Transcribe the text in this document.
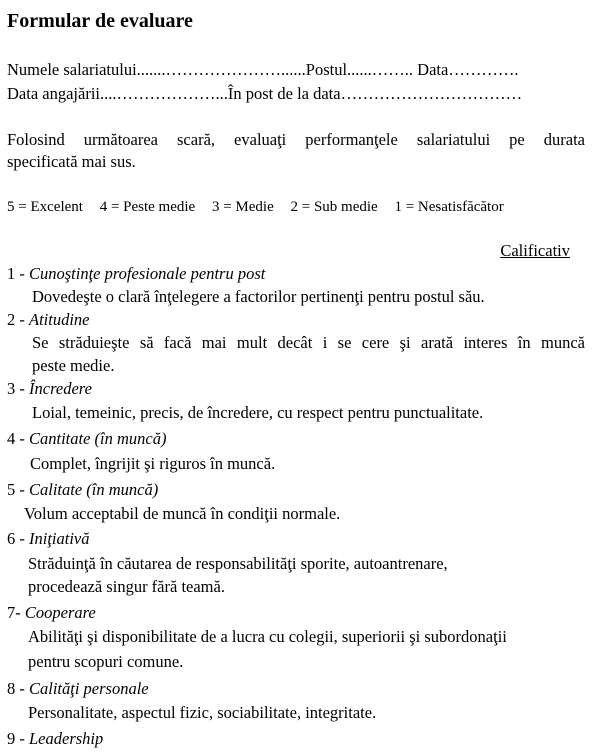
Formular de evaluare
Numele salariatului.......…………………......Postul......…….. Data………….
Data angajării....………………...În post de la data……………………………
Folosind următoarea scară, evaluaţi performanţele salariatului pe durata
specificată mai sus.
5 = Excelent 4 = Peste medie 3 = Medie 2 = Sub medie 1 = Nesatisfăcător
Calificativ
1 - Cunoştinţe profesionale pentru post
Dovedeşte o clară înţelegere a factorilor pertinenţi pentru postul său.
2 - Atitudine
Se străduieşte să facă mai mult decât i se cere şi arată interes în muncă
peste medie.
3 - Încredere
Loial, temeinic, precis, de încredere, cu respect pentru punctualitate.
4 - Cantitate (în muncă)
Complet, îngrijit şi riguros în muncă.
5 - Calitate (în muncă)
Volum acceptabil de muncă în condiţii normale.
6 - Iniţiativă
Străduinţă în căutarea de responsabilităţi sporite, autoantrenare,
procedează singur fără teamă.
7- Cooperare
Abilităţi şi disponibilitate de a lucra cu colegii, superiorii şi subordonaţii
pentru scopuri comune.
8 - Calităţi personale
Personalitate, aspectul fizic, sociabilitate, integritate.
9 - Leadership
